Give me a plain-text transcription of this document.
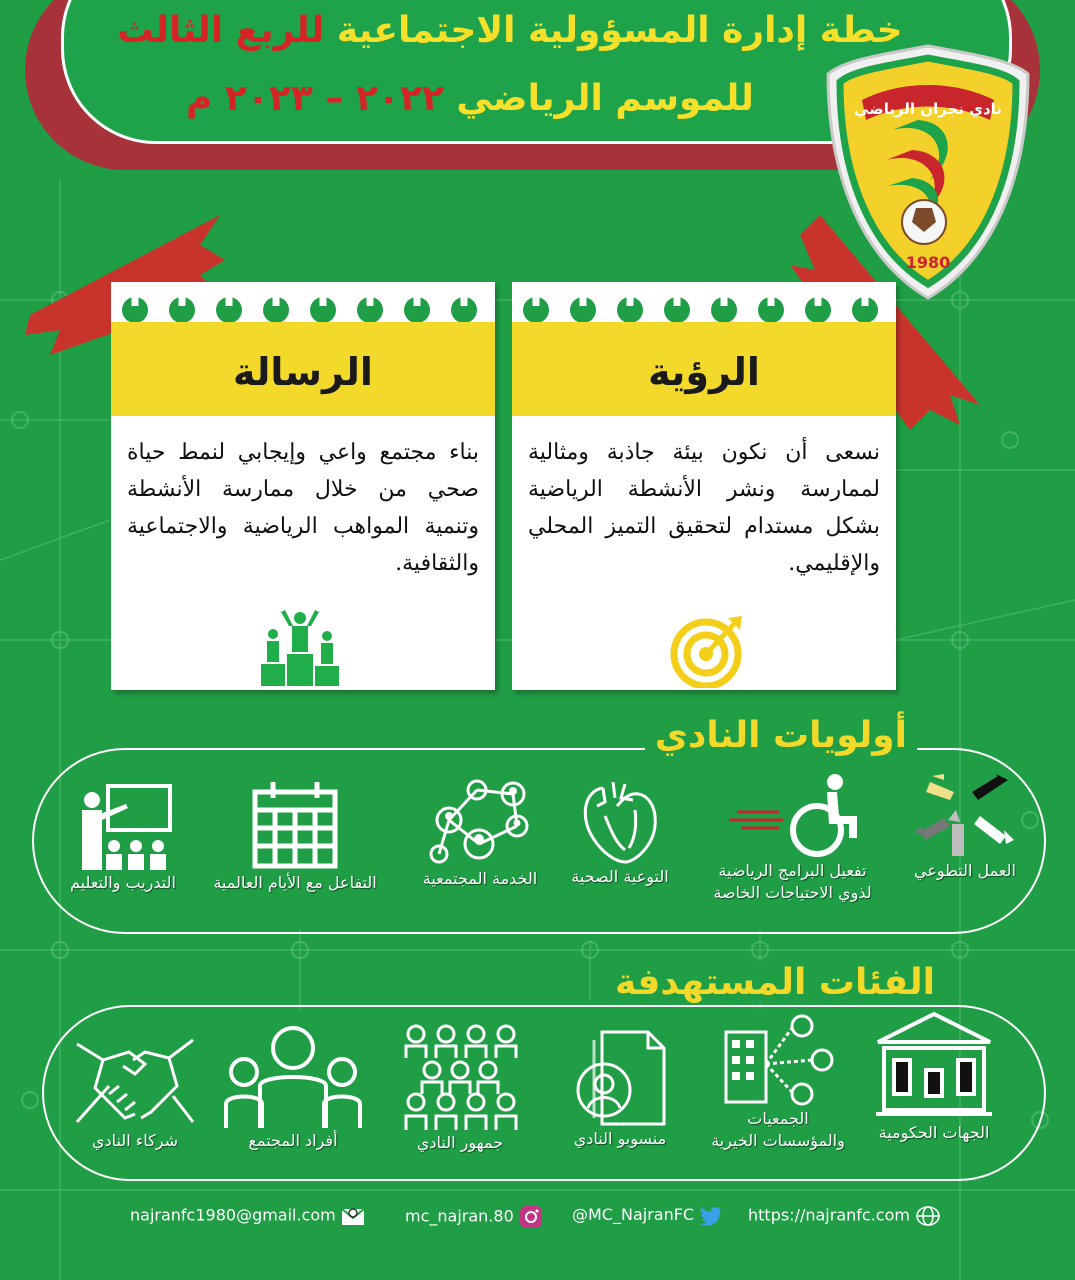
خطة إدارة المسؤولية الاجتماعية للربع الثالث
للموسم الرياضي ٢٠٢٢ – ٢٠٢٣ م	نادي نجران الرياضي
1980
الرسالة
بناء مجتمع واعي وإيجابي لنمط حياة صحي من خلال ممارسة الأنشطة وتنمية المواهب الرياضية والاجتماعية والثقافية.
الرؤية
نسعى أن نكون بيئة جاذبة ومثالية لممارسة ونشر الأنشطة الرياضية بشكل مستدام لتحقيق التميز المحلي والإقليمي.
أولويات النادي
العمل التطوعي
تفعيل البرامج الرياضية
لذوي الاحتياجات الخاصة
التوعية الصحية
الخدمة المجتمعية
التفاعل مع الأيام العالمية
التدريب والتعليم
الفئات المستهدفة
الجهات الحكومية
الجمعيات
والمؤسسات الخيرية
منسوبو النادي
جمهور النادي
أفراد المجتمع
شركاء النادي
https://najranfc.com
@MC_NajranFC
mc_najran.80
najranfc1980@gmail.com
